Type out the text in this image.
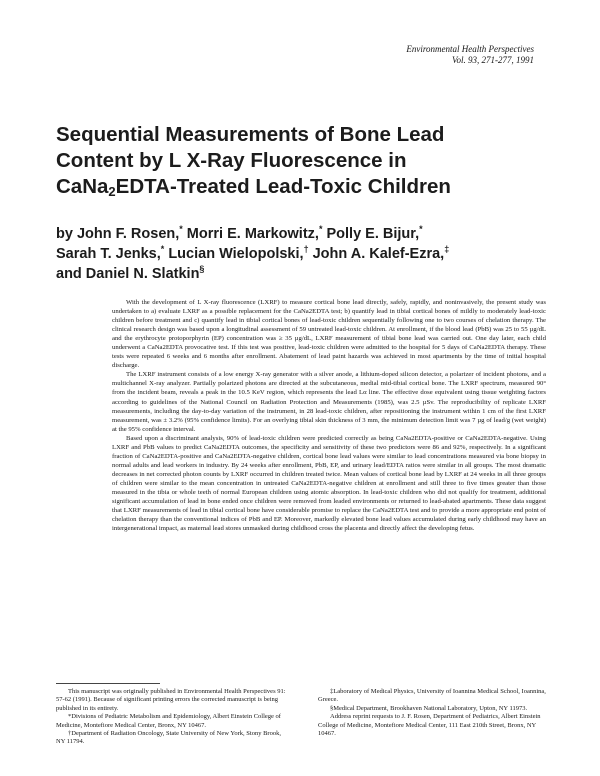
Environmental Health Perspectives
Vol. 93, 271-277, 1991
Sequential Measurements of Bone Lead
Content by L X-Ray Fluorescence in
CaNa$_2$EDTA-Treated Lead-Toxic Children
by John F. Rosen,* Morri E. Markowitz,* Polly E. Bijur,*
Sarah T. Jenks,* Lucian Wielopolski,† John A. Kalef-Ezra,‡
and Daniel N. Slatkin§

With the development of L X-ray fluorescence (LXRF) to measure cortical bone lead directly, safely, rapidly, and noninvasively, the present study was undertaken to a) evaluate LXRF as a possible replacement for the CaNa2EDTA test; b) quantify lead in tibial cortical bones of mildly to moderately lead-toxic children before treatment and c) quantify lead in tibial cortical bones of lead-toxic children sequentially following one to two courses of chelation therapy. The clinical research design was based upon a longitudinal assessment of 59 untreated lead-toxic children. At enrollment, if the blood lead (PbB) was 25 to 55 µg/dL and the erythrocyte protoporphyrin (EP) concentration was ≥ 35 µg/dL, LXRF measurement of tibial bone lead was carried out. One day later, each child underwent a CaNa2EDTA provocative test. If this test was positive, lead-toxic children were admitted to the hospital for 5 days of CaNa2EDTA therapy. These tests were repeated 6 weeks and 6 months after enrollment. Abatement of lead paint hazards was achieved in most apartments by the time of initial hospital discharge.

The LXRF instrument consists of a low energy X-ray generator with a silver anode, a lithium-doped silicon detector, a polarizer of incident photons, and a multichannel X-ray analyzer. Partially polarized photons are directed at the subcutaneous, medial mid-tibial cortical bone. The LXRF spectrum, measured 90° from the incident beam, reveals a peak in the 10.5 KeV region, which represents the lead Lα line. The effective dose equivalent using tissue weighting factors according to guidelines of the National Council on Radiation Protection and Measurements (1985), was 2.5 µSv. The reproducibility of replicate LXRF measurements, including the day-to-day variation of the instrument, in 28 lead-toxic children, after repositioning the instrument within 1 cm of the first LXRF measurement, was ± 3.2% (95% confidence limits). For an overlying tibial skin thickness of 3 mm, the minimum detection limit was 7 µg of lead/g (wet weight) at the 95% confidence interval.

Based upon a discriminant analysis, 90% of lead-toxic children were predicted correctly as being CaNa2EDTA-positive or CaNa2EDTA-negative. Using LXRF and PbB values to predict CaNa2EDTA outcomes, the specificity and sensitivity of these two predictors were 86 and 92%, respectively. In a significant fraction of CaNa2EDTA-positive and CaNa2EDTA-negative children, cortical bone lead values were similar to lead concentrations measured via bone biopsy in normal adults and lead workers in industry. By 24 weeks after enrollment, PbB, EP, and urinary lead/EDTA ratios were similar in all groups. The most dramatic decreases in net corrected photon counts by LXRF occurred in children treated twice. Mean values of cortical bone lead by LXRF at 24 weeks in all three groups of children were similar to the mean concentration in untreated CaNa2EDTA-negative children at enrollment and still three to five times greater than those measured in the tibia or whole teeth of normal European children using atomic absorption. In lead-toxic children who did not qualify for treatment, additional significant accumulation of lead in bone ended once children were removed from leaded environments or returned to lead-abated apartments. These data suggest that LXRF measurements of lead in tibial cortical bone have considerable promise to replace the CaNa2EDTA test and to provide a more appropriate end point of chelation therapy than the conventional indices of PbB and EP. Moreover, markedly elevated bone lead values accumulated during early childhood may have an intergenerational impact, as maternal lead stores unmasked during childhood cross the placenta and directly affect the developing fetus.

This manuscript was originally published in Environmental Health Perspectives 91: 57-62 (1991). Because of significant printing errors the corrected manuscript is being published in its entirety.

*Divisions of Pediatric Metabolism and Epidemiology, Albert Einstein College of Medicine, Montefiore Medical Center, Bronx, NY 10467.

†Department of Radiation Oncology, State University of New York, Stony Brook, NY 11794.

‡Laboratory of Medical Physics, University of Ioannina Medical School, Ioannina, Greece.

§Medical Department, Brookhaven National Laboratory, Upton, NY 11973.

Address reprint requests to J. F. Rosen, Department of Pediatrics, Albert Einstein College of Medicine, Montefiore Medical Center, 111 East 210th Street, Bronx, NY 10467.
